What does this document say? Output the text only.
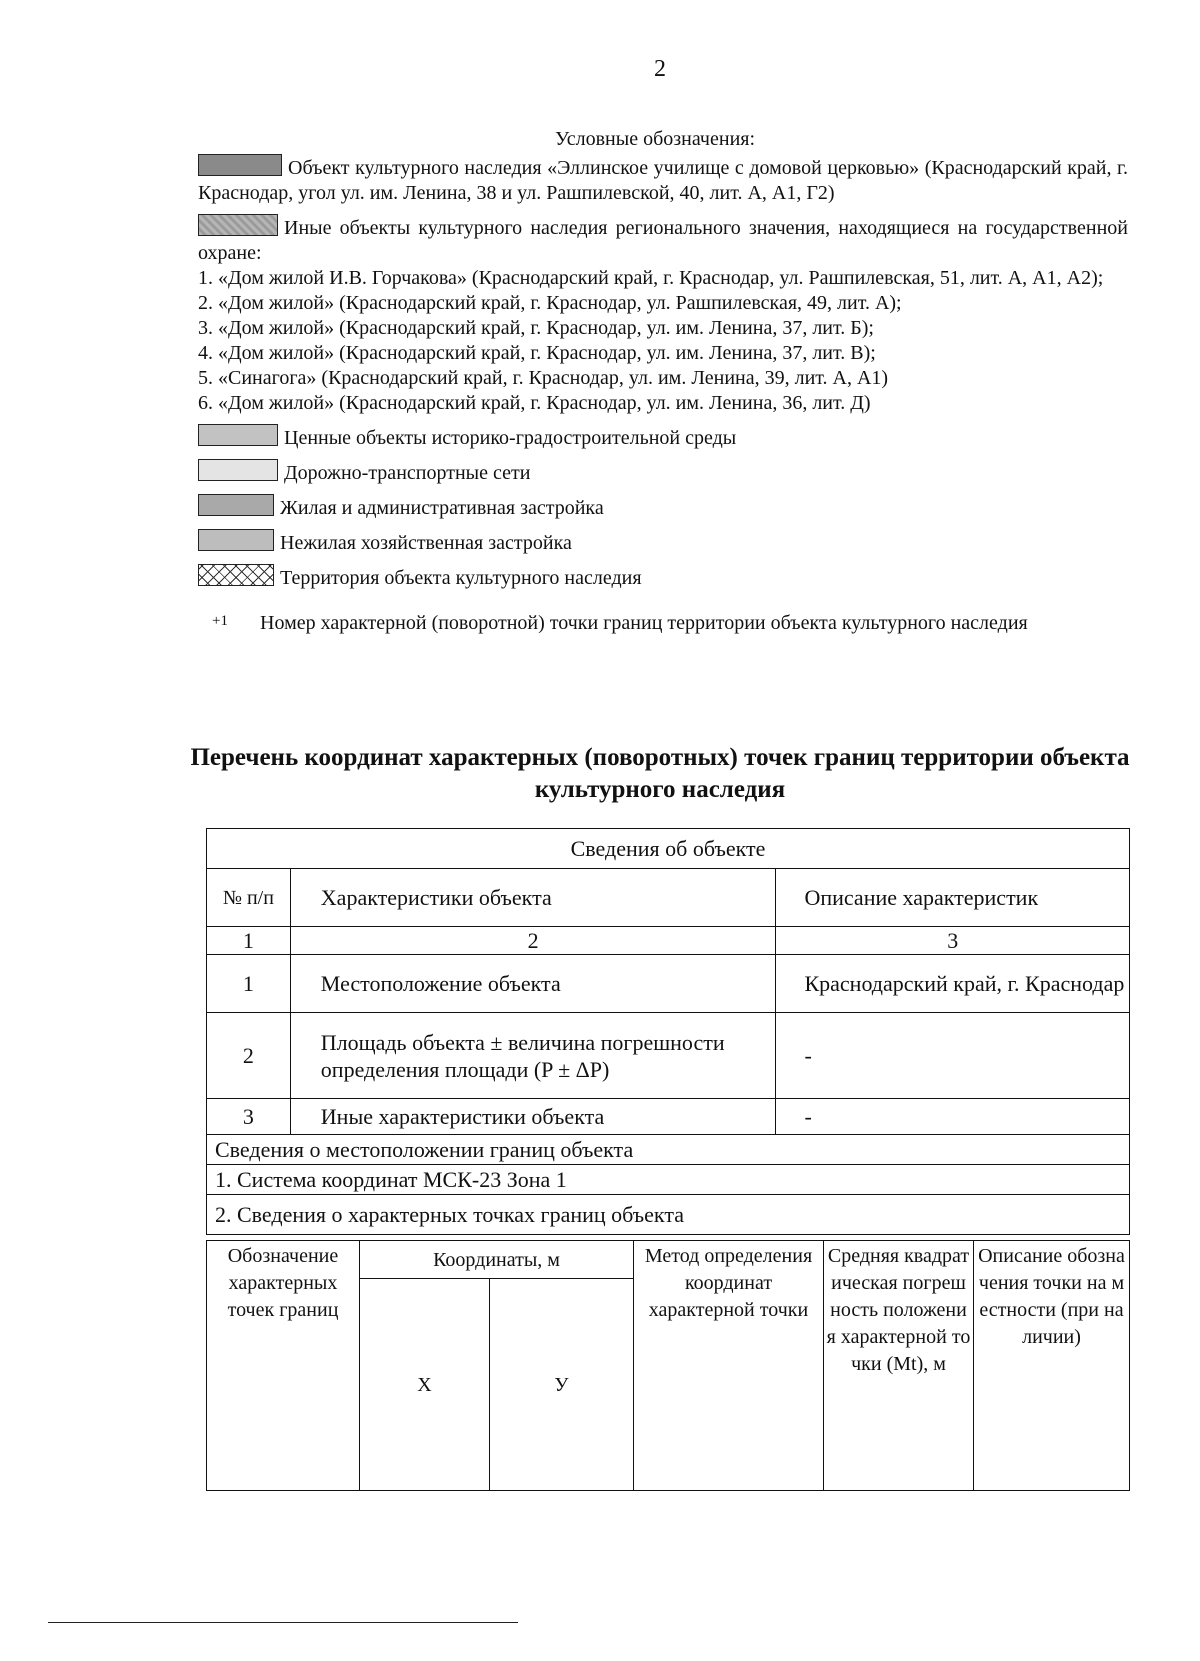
2
Условные обозначения:

Объект культурного наследия «Эллинское училище с домовой церковью» (Краснодарский край, г. Краснодар, угол ул. им. Ленина, 38 и ул. Рашпилевской, 40, лит. А, А1, Г2)

Иные объекты культурного наследия регионального значения, находящиеся на государственной охране:

1. «Дом жилой И.В. Горчакова» (Краснодарский край, г. Краснодар, ул. Рашпилевская, 51, лит. А, А1, А2);

2. «Дом жилой» (Краснодарский край, г. Краснодар, ул. Рашпилевская, 49, лит. А);

3. «Дом жилой» (Краснодарский край, г. Краснодар, ул. им. Ленина, 37, лит. Б);

4. «Дом жилой» (Краснодарский край, г. Краснодар, ул. им. Ленина, 37, лит. В);

5. «Синагога» (Краснодарский край, г. Краснодар, ул. им. Ленина, 39, лит. А, А1)

6. «Дом жилой» (Краснодарский край, г. Краснодар, ул. им. Ленина, 36, лит. Д)

Ценные объекты историко-градостроительной среды

Дорожно-транспортные сети

Жилая и административная застройка

Нежилая хозяйственная застройка

Территория объекта культурного наследия

+1 Номер характерной (поворотной) точки границ территории объекта культурного наследия

Перечень координат характерных (поворотных) точек границ территории объекта культурного наследия
Сведения об объекте		
№ п/п	Характеристики объекта	Описание характеристик
1	2	3
1	Местоположение объекта	Краснодарский край, г. Краснодар
2	Площадь объекта ± величина погрешности определения площади (P ± ΔP)	-
3	Иные характеристики объекта	-
Сведения о местоположении границ объекта		
1. Система координат МСК-23 Зона 1		
2. Сведения о характерных точках границ объекта		
Обозначение характерных точек границ	Координаты, м		Метод определения координат характерной точки	Средняя квадратическая погрешность положения характерной точки (Mt), м	Описание обозначения точки на местности (при наличии)
	X	У			
